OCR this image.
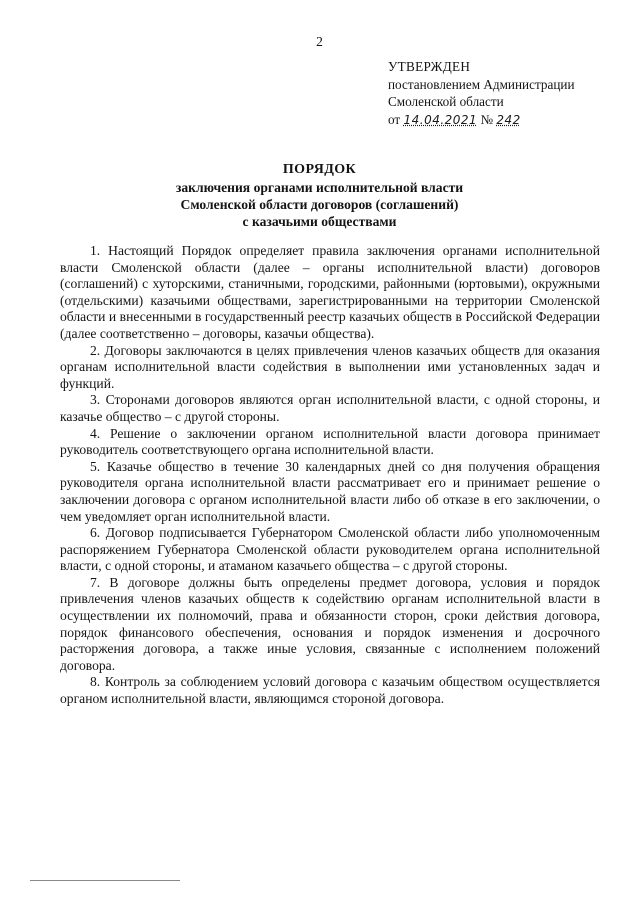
2
УТВЕРЖДЕН
постановлением Администрации
Смоленской области
от 14.04.2021 № 242
ПОРЯДОК
заключения органами исполнительной власти
Смоленской области договоров (соглашений)
с казачьими обществами

1. Настоящий Порядок определяет правила заключения органами исполнительной власти Смоленской области (далее – органы исполнительной власти) договоров (соглашений) с хуторскими, станичными, городскими, районными (юртовыми), окружными (отдельскими) казачьими обществами, зарегистрированными на территории Смоленской области и внесенными в государственный реестр казачьих обществ в Российской Федерации (далее соответственно – договоры, казачьи общества).

2. Договоры заключаются в целях привлечения членов казачьих обществ для оказания органам исполнительной власти содействия в выполнении ими установленных задач и функций.

3. Сторонами договоров являются орган исполнительной власти, с одной стороны, и казачье общество – с другой стороны.

4. Решение о заключении органом исполнительной власти договора принимает руководитель соответствующего органа исполнительной власти.

5. Казачье общество в течение 30 календарных дней со дня получения обращения руководителя органа исполнительной власти рассматривает его и принимает решение о заключении договора с органом исполнительной власти либо об отказе в его заключении, о чем уведомляет орган исполнительной власти.

6. Договор подписывается Губернатором Смоленской области либо уполномоченным распоряжением Губернатора Смоленской области руководителем органа исполнительной власти, с одной стороны, и атаманом казачьего общества – с другой стороны.

7. В договоре должны быть определены предмет договора, условия и порядок привлечения членов казачьих обществ к содействию органам исполнительной власти в осуществлении их полномочий, права и обязанности сторон, сроки действия договора, порядок финансового обеспечения, основания и порядок изменения и досрочного расторжения договора, а также иные условия, связанные с исполнением положений договора.

8. Контроль за соблюдением условий договора с казачьим обществом осуществляется органом исполнительной власти, являющимся стороной договора.
